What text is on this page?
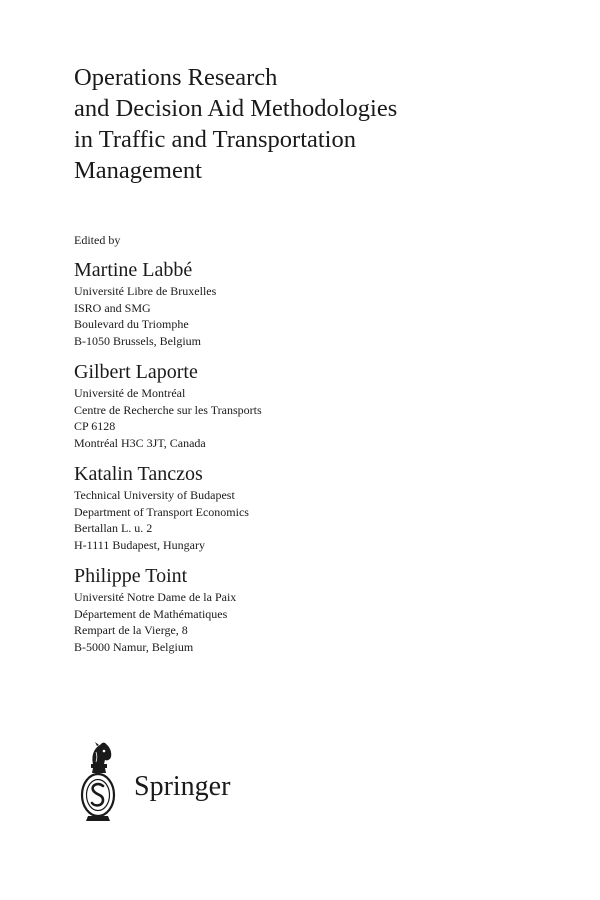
Operations Research
and Decision Aid Methodologies
in Traffic and Transportation
Management
Edited by
Martine Labbé
Université Libre de Bruxelles
ISRO and SMG
Boulevard du Triomphe
B-1050 Brussels, Belgium
Gilbert Laporte
Université de Montréal
Centre de Recherche sur les Transports
CP 6128
Montréal H3C 3JT, Canada
Katalin Tanczos
Technical University of Budapest
Department of Transport Economics
Bertallan L. u. 2
H-1111 Budapest, Hungary
Philippe Toint
Université Notre Dame de la Paix
Département de Mathématiques
Rempart de la Vierge, 8
B-5000 Namur, Belgium
Springer
